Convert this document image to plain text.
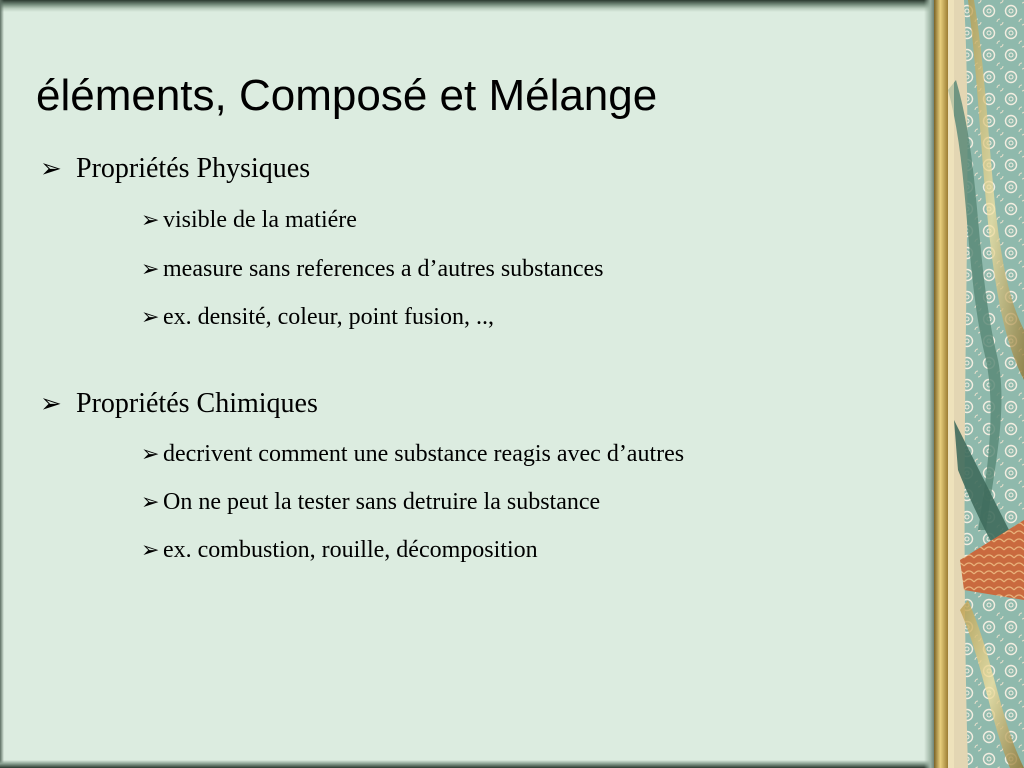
éléments, Composé et Mélange
➢ Propriétés Physiques
➢ visible de la matiére
➢ measure sans references a d’autres substances
➢ ex. densité, coleur, point fusion, ..,
➢ Propriétés Chimiques
➢ decrivent comment une substance reagis avec d’autres
➢ On ne peut la tester sans detruire la substance
➢ ex. combustion, rouille, décomposition
